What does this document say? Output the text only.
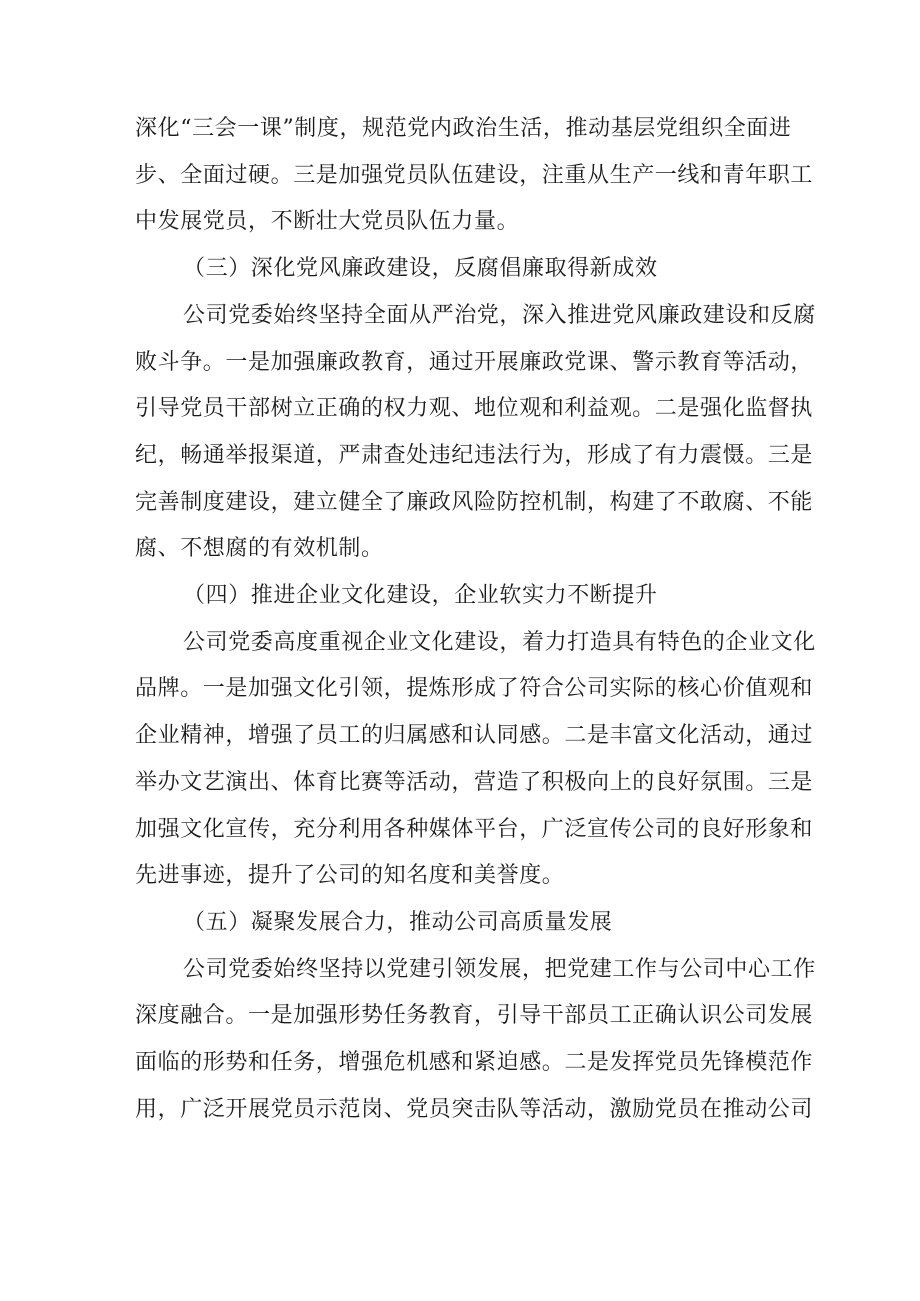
深化“三会一课”制度，规范党内政治生活，推动基层党组织全面进
步、全面过硬。三是加强党员队伍建设，注重从生产一线和青年职工
中发展党员，不断壮大党员队伍力量。
（三）深化党风廉政建设，反腐倡廉取得新成效
公司党委始终坚持全面从严治党，深入推进党风廉政建设和反腐
败斗争。一是加强廉政教育，通过开展廉政党课、警示教育等活动，
引导党员干部树立正确的权力观、地位观和利益观。二是强化监督执
纪，畅通举报渠道，严肃查处违纪违法行为，形成了有力震慑。三是
完善制度建设，建立健全了廉政风险防控机制，构建了不敢腐、不能
腐、不想腐的有效机制。
（四）推进企业文化建设，企业软实力不断提升
公司党委高度重视企业文化建设，着力打造具有特色的企业文化
品牌。一是加强文化引领，提炼形成了符合公司实际的核心价值观和
企业精神，增强了员工的归属感和认同感。二是丰富文化活动，通过
举办文艺演出、体育比赛等活动，营造了积极向上的良好氛围。三是
加强文化宣传，充分利用各种媒体平台，广泛宣传公司的良好形象和
先进事迹，提升了公司的知名度和美誉度。
（五）凝聚发展合力，推动公司高质量发展
公司党委始终坚持以党建引领发展，把党建工作与公司中心工作
深度融合。一是加强形势任务教育，引导干部员工正确认识公司发展
面临的形势和任务，增强危机感和紧迫感。二是发挥党员先锋模范作
用，广泛开展党员示范岗、党员突击队等活动，激励党员在推动公司
